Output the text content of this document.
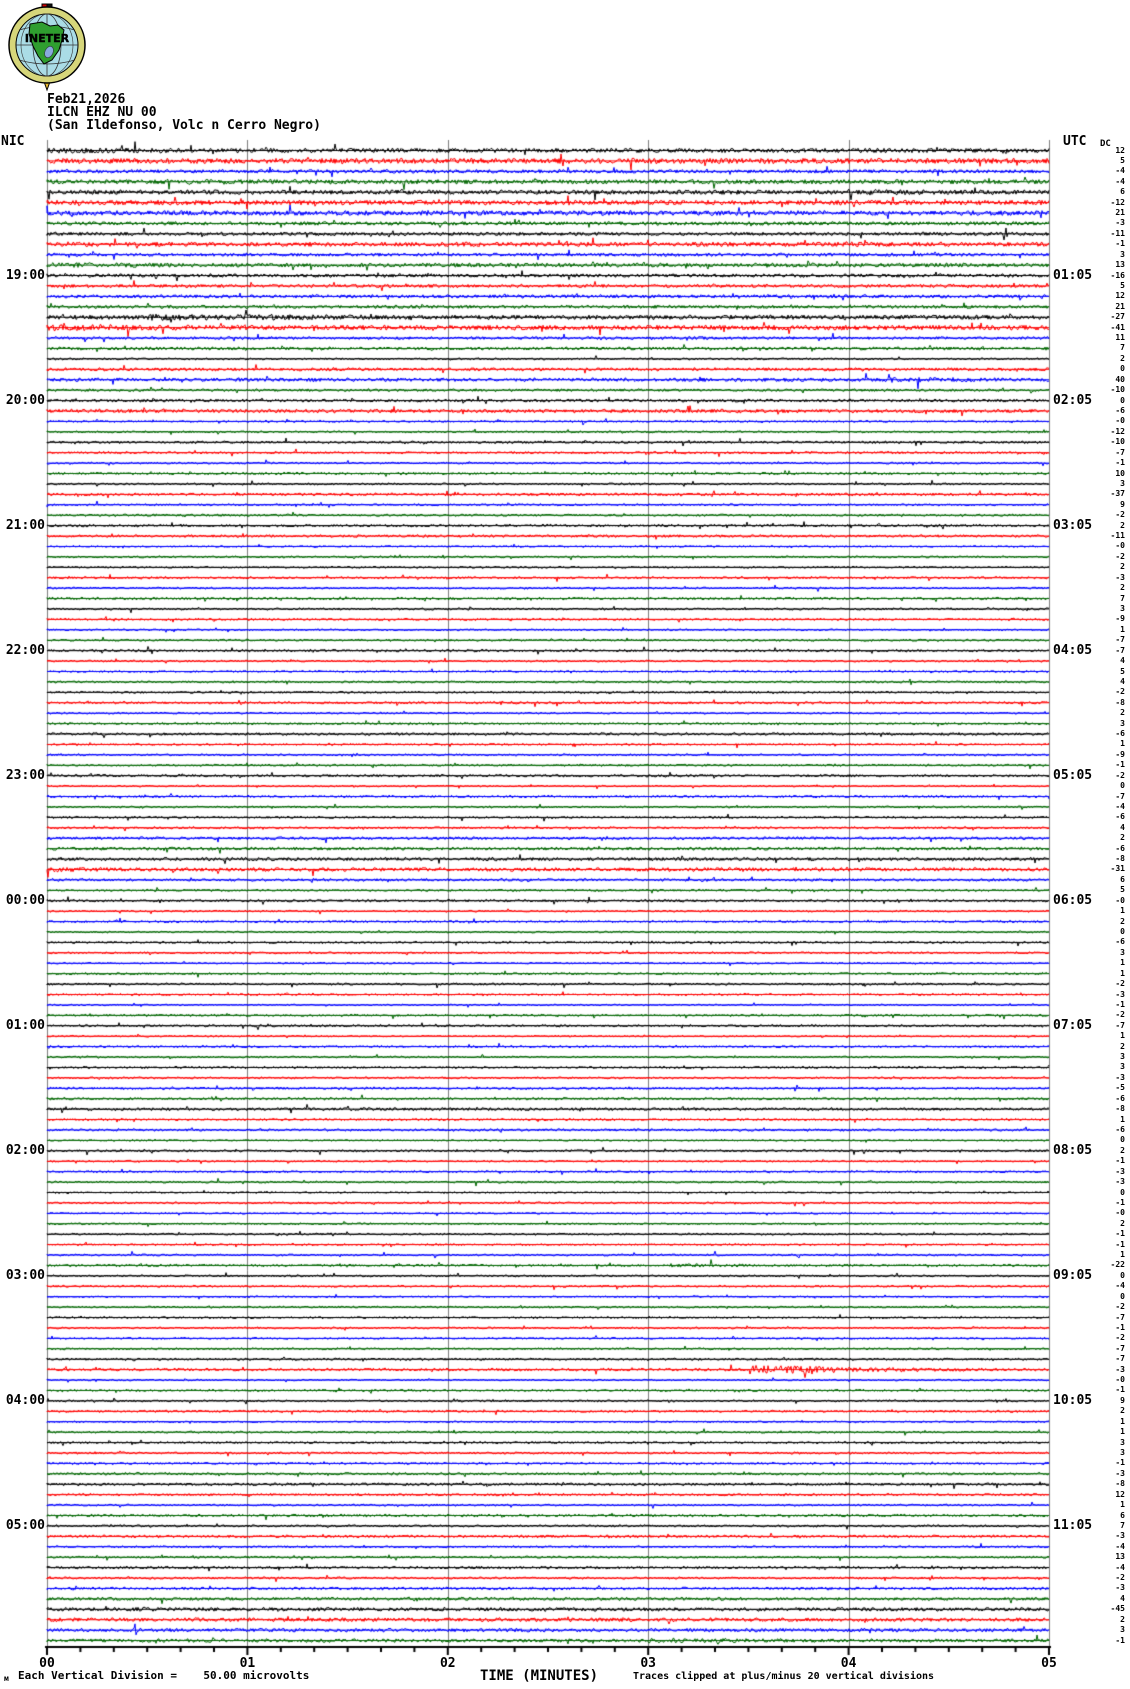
INETER
Feb21,2026
ILCN EHZ NU 00
(San Ildefonso, Volc n Cerro Negro)
NIC	UTC DC
19:00
20:00
21:00
22:00
23:00
00:00
01:00
02:00
03:00
04:00
05:00
01:05
02:05
03:05
04:05
05:05
06:05
07:05
08:05
09:05
10:05
11:05
12
5
-4
-4
6
-12
21
-3
-11
-1
3
13
-16
5
12
21
-27
-41
11
7
2
0
40
-10
0
-6
-0
-12
-10
-7
-1
10
3
-37
9
-2
2
-11
-0
-2
2
-3
2
7
3
-9
1
-7
-7
4
5
4
-2
-8
2
3
-6
1
-9
-1
-2
0
-7
-4
-6
4
2
-6
-8
-31
6
5
-0
1
2
0
-6
3
1
1
-2
-3
-1
-2
-7
1
2
3
3
-3
-5
-6
-8
1
-6
0
2
-1
-3
-3
0
-1
-0
2
-1
-1
1
-22
0
-4
0
-2
-7
-1
-2
-7
-7
-3
-0
-1
9
2
1
1
3
3
-1
-3
-8
12
1
6
7
-3
-4
13
-4
-2
-3
4
-45
2
3
-1
00	01	02	03	04	05
TIME (MINUTES)	Traces clipped at plus/minus 20 vertical divisions
м Each Vertical Division =    50.00 microvolts
